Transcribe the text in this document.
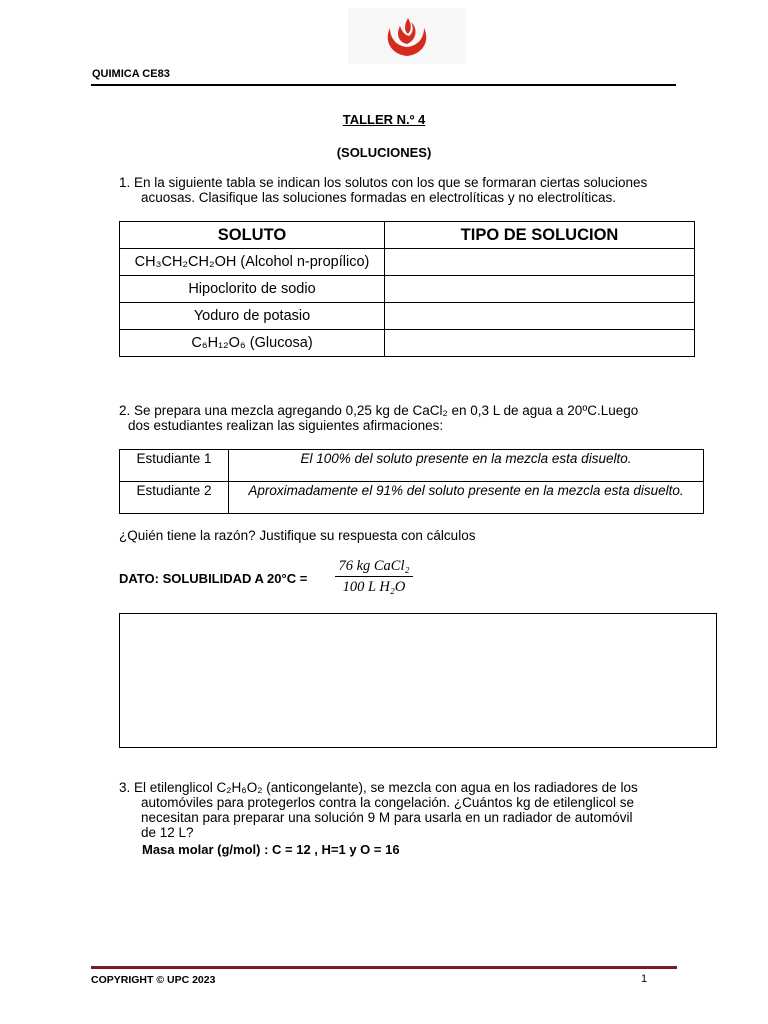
QUIMICA CE83
TALLER N.º 4
(SOLUCIONES)
1. En la siguiente tabla se indican los solutos con los que se formaran ciertas soluciones
acuosas. Clasifique las soluciones formadas en electrolíticas y no electrolíticas.
SOLUTO	TIPO DE SOLUCION
CH₃CH₂CH₂OH (Alcohol n-propílico)	
Hipoclorito de sodio	
Yoduro de potasio	
C₆H₁₂O₆ (Glucosa)	
2. Se prepara una mezcla agregando 0,25 kg de CaCl₂ en 0,3 L de agua a 20ºC.Luego
dos estudiantes realizan las siguientes afirmaciones:
Estudiante 1	El 100% del soluto presente en la mezcla esta disuelto.
Estudiante 2	Aproximadamente el 91% del soluto presente en la mezcla esta disuelto.
¿Quién tiene la razón? Justifique su respuesta con cálculos
DATO: SOLUBILIDAD A 20°C =
76 kg CaCl₂
100 L H₂O
3. El etilenglicol C₂H₆O₂ (anticongelante), se mezcla con agua en los radiadores de los
automóviles para protegerlos contra la congelación. ¿Cuántos kg de etilenglicol se
necesitan para preparar una solución 9 M para usarla en un radiador de automóvil
de 12 L?
Masa molar (g/mol) : C = 12 , H=1 y O = 16
COPYRIGHT © UPC 2023	1
